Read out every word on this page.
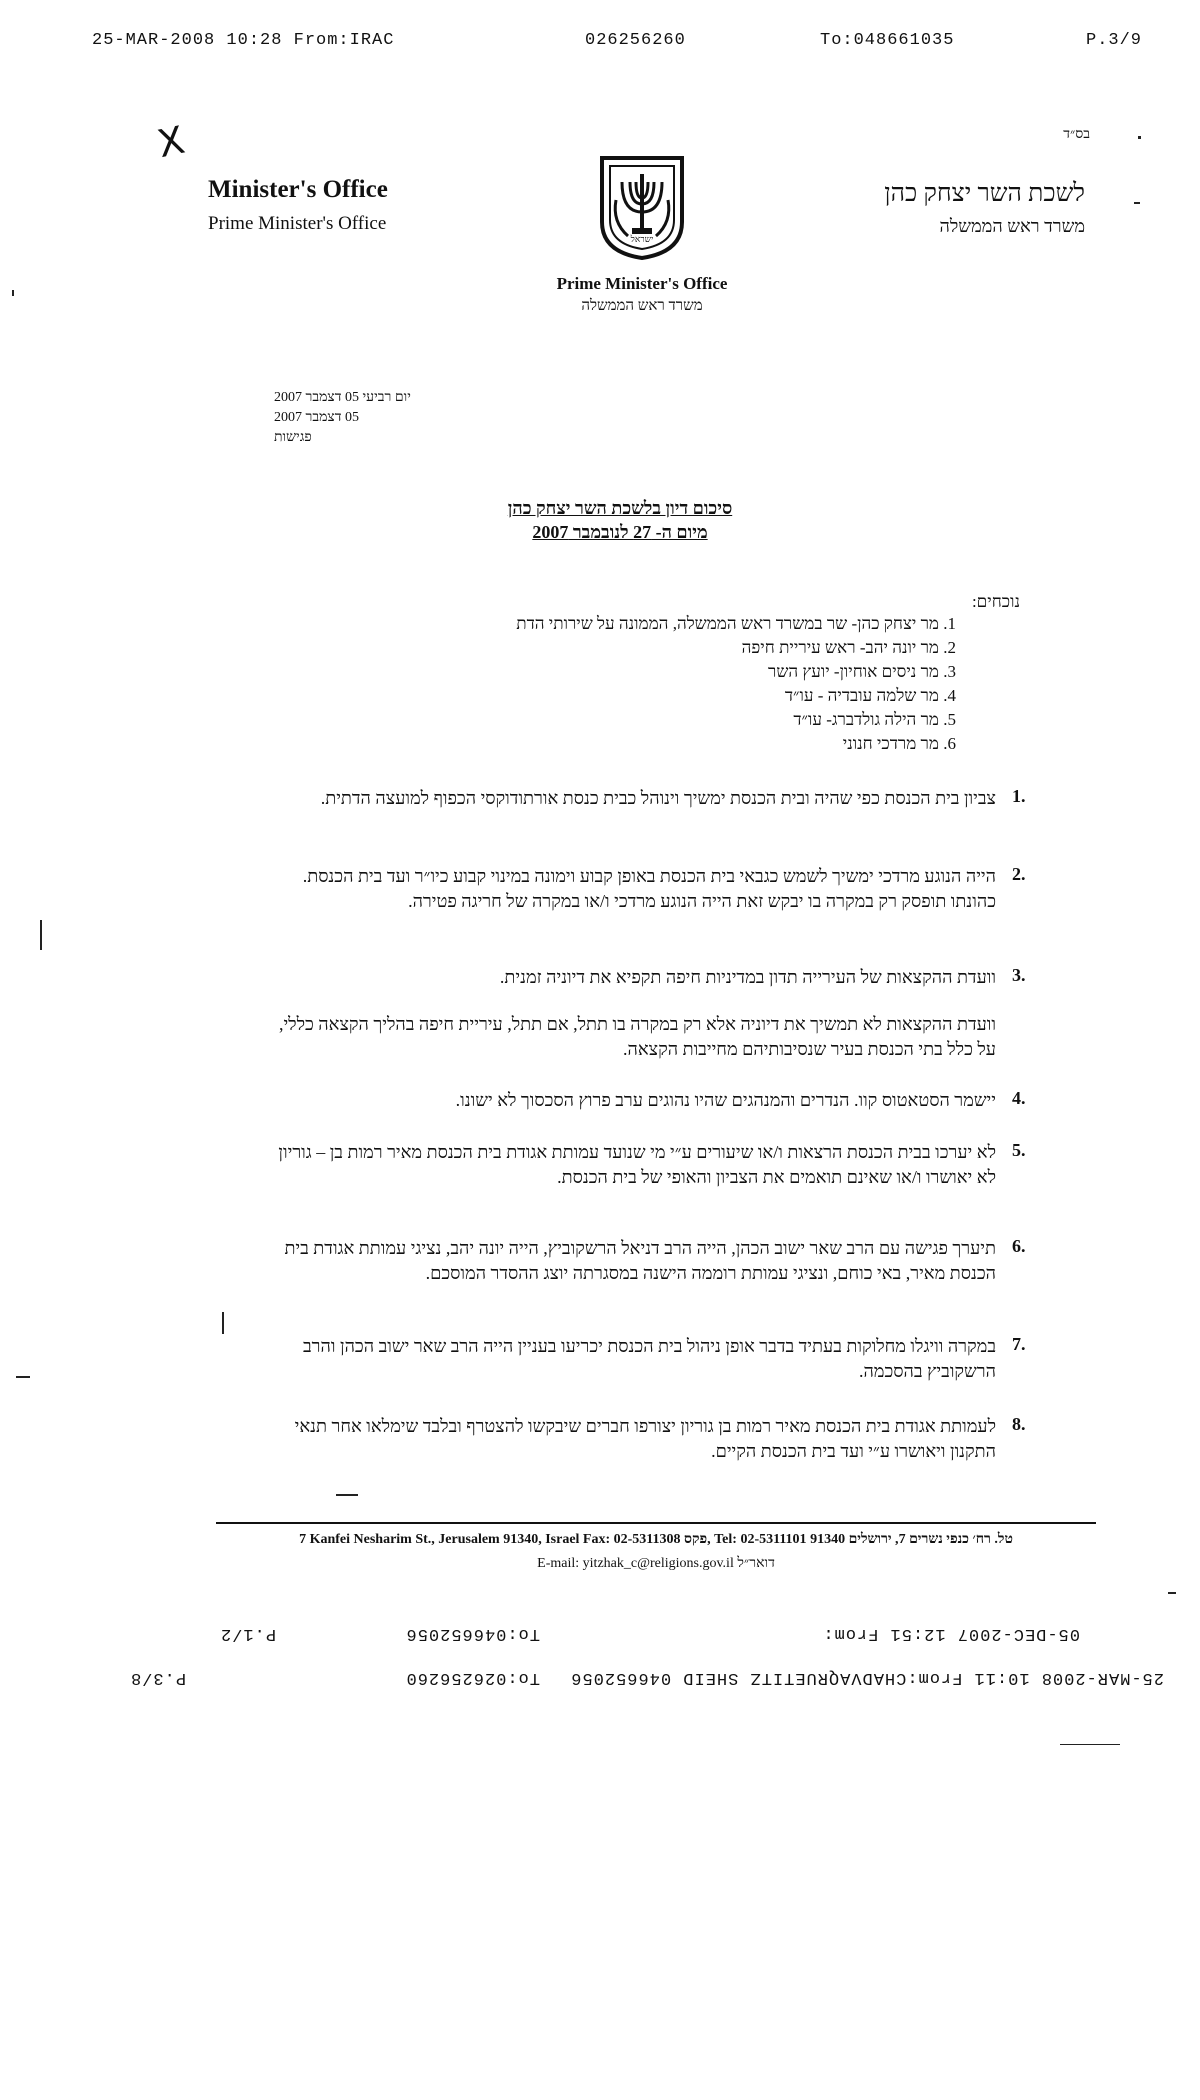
25-MAR-2008 10:28 From:IRAC	026256260	To:048661035	P.3/9
X	בס״ד
Minister's Office
Prime Minister's Office
ישראל
Prime Minister's Office
משרד ראש הממשלה
לשכת השר יצחק כהן
משרד ראש הממשלה
יום רביעי 05 דצמבר 2007
05 דצמבר 2007
פגישות
סיכום דיון בלשכת השר יצחק כהן
מיום ה- 27 לנובמבר 2007
נוכחים:
1. מר יצחק כהן- שר במשרד ראש הממשלה, הממונה על שירותי הדת
2. מר יונה יהב- ראש עיריית חיפה
3. מר ניסים אוחיון- יועץ השר
4. מר שלמה עובדיה - עו״ד
5. מר הילה גולדברג- עו״ד
6. מר מרדכי חנוני
1.
צביון בית הכנסת כפי שהיה ובית הכנסת ימשיך וינוהל כבית כנסת אורתודוקסי הכפוף למועצה הדתית.
2.
הייה הנוגע מרדכי ימשיך לשמש כגבאי בית הכנסת באופן קבוע וימונה במינוי קבוע כיו״ר ועד בית הכנסת. כהונתו תופסק רק במקרה בו יבקש זאת הייה הנוגע מרדכי ו/או במקרה של חריגה פטירה.
3.
וועדת ההקצאות של העירייה תדון במדיניות חיפה תקפיא את דיוניה זמנית.
וועדת ההקצאות לא תמשיך את דיוניה אלא רק במקרה בו תתל, אם תתל, עיריית חיפה בהליך הקצאה כללי, על כלל בתי הכנסת בעיר שנסיבותיהם מחייבות הקצאה.
4.
יישמר הסטאטוס קוו. הנדרים והמנהגים שהיו נהוגים ערב פרוץ הסכסוך לא ישונו.
5.
לא יערכו בבית הכנסת הרצאות ו/או שיעורים ע״י מי שנועד עמותת אגודת בית הכנסת מאיר רמות בן – גוריון לא יאושרו ו/או שאינם תואמים את הצביון והאופי של בית הכנסת.
6.
תיערך פגישה עם הרב שאר ישוב הכהן, הייה הרב דניאל הרשקוביץ, הייה יונה יהב, נציגי עמותת אגודת בית הכנסת מאיר, באי כוחם, ונציגי עמותת רוממה הישנה במסגרתה יוצג ההסדר המוסכם.
7.
במקרה וויגלו מחלוקות בעתיד בדבר אופן ניהול בית הכנסת יכריעו בעניין הייה הרב שאר ישוב הכהן והרב הרשקוביץ בהסכמה.
8.
לעמותת אגודת בית הכנסת מאיר רמות בן גוריון יצורפו חברים שיבקשו להצטרף ובלבד שימלאו אחר תנאי התקנון ויאושרו ע״י ועד בית הכנסת הקיים.
7 Kanfei Nesharim St., Jerusalem 91340, Israel Fax: 02-5311308 פקס, Tel: 02-5311101 טל. רח׳ כנפי נשרים 7, ירושלים 91340
E-mail: yitzhak_c@religions.gov.il דואר״ל
05-DEC-2007 12:51 From:
To:046652056
P.1/2
25-MAR-2008 10:11 From:CHADVAQRUETITZ SHEID 046652056
To:026256260
P.3/8
